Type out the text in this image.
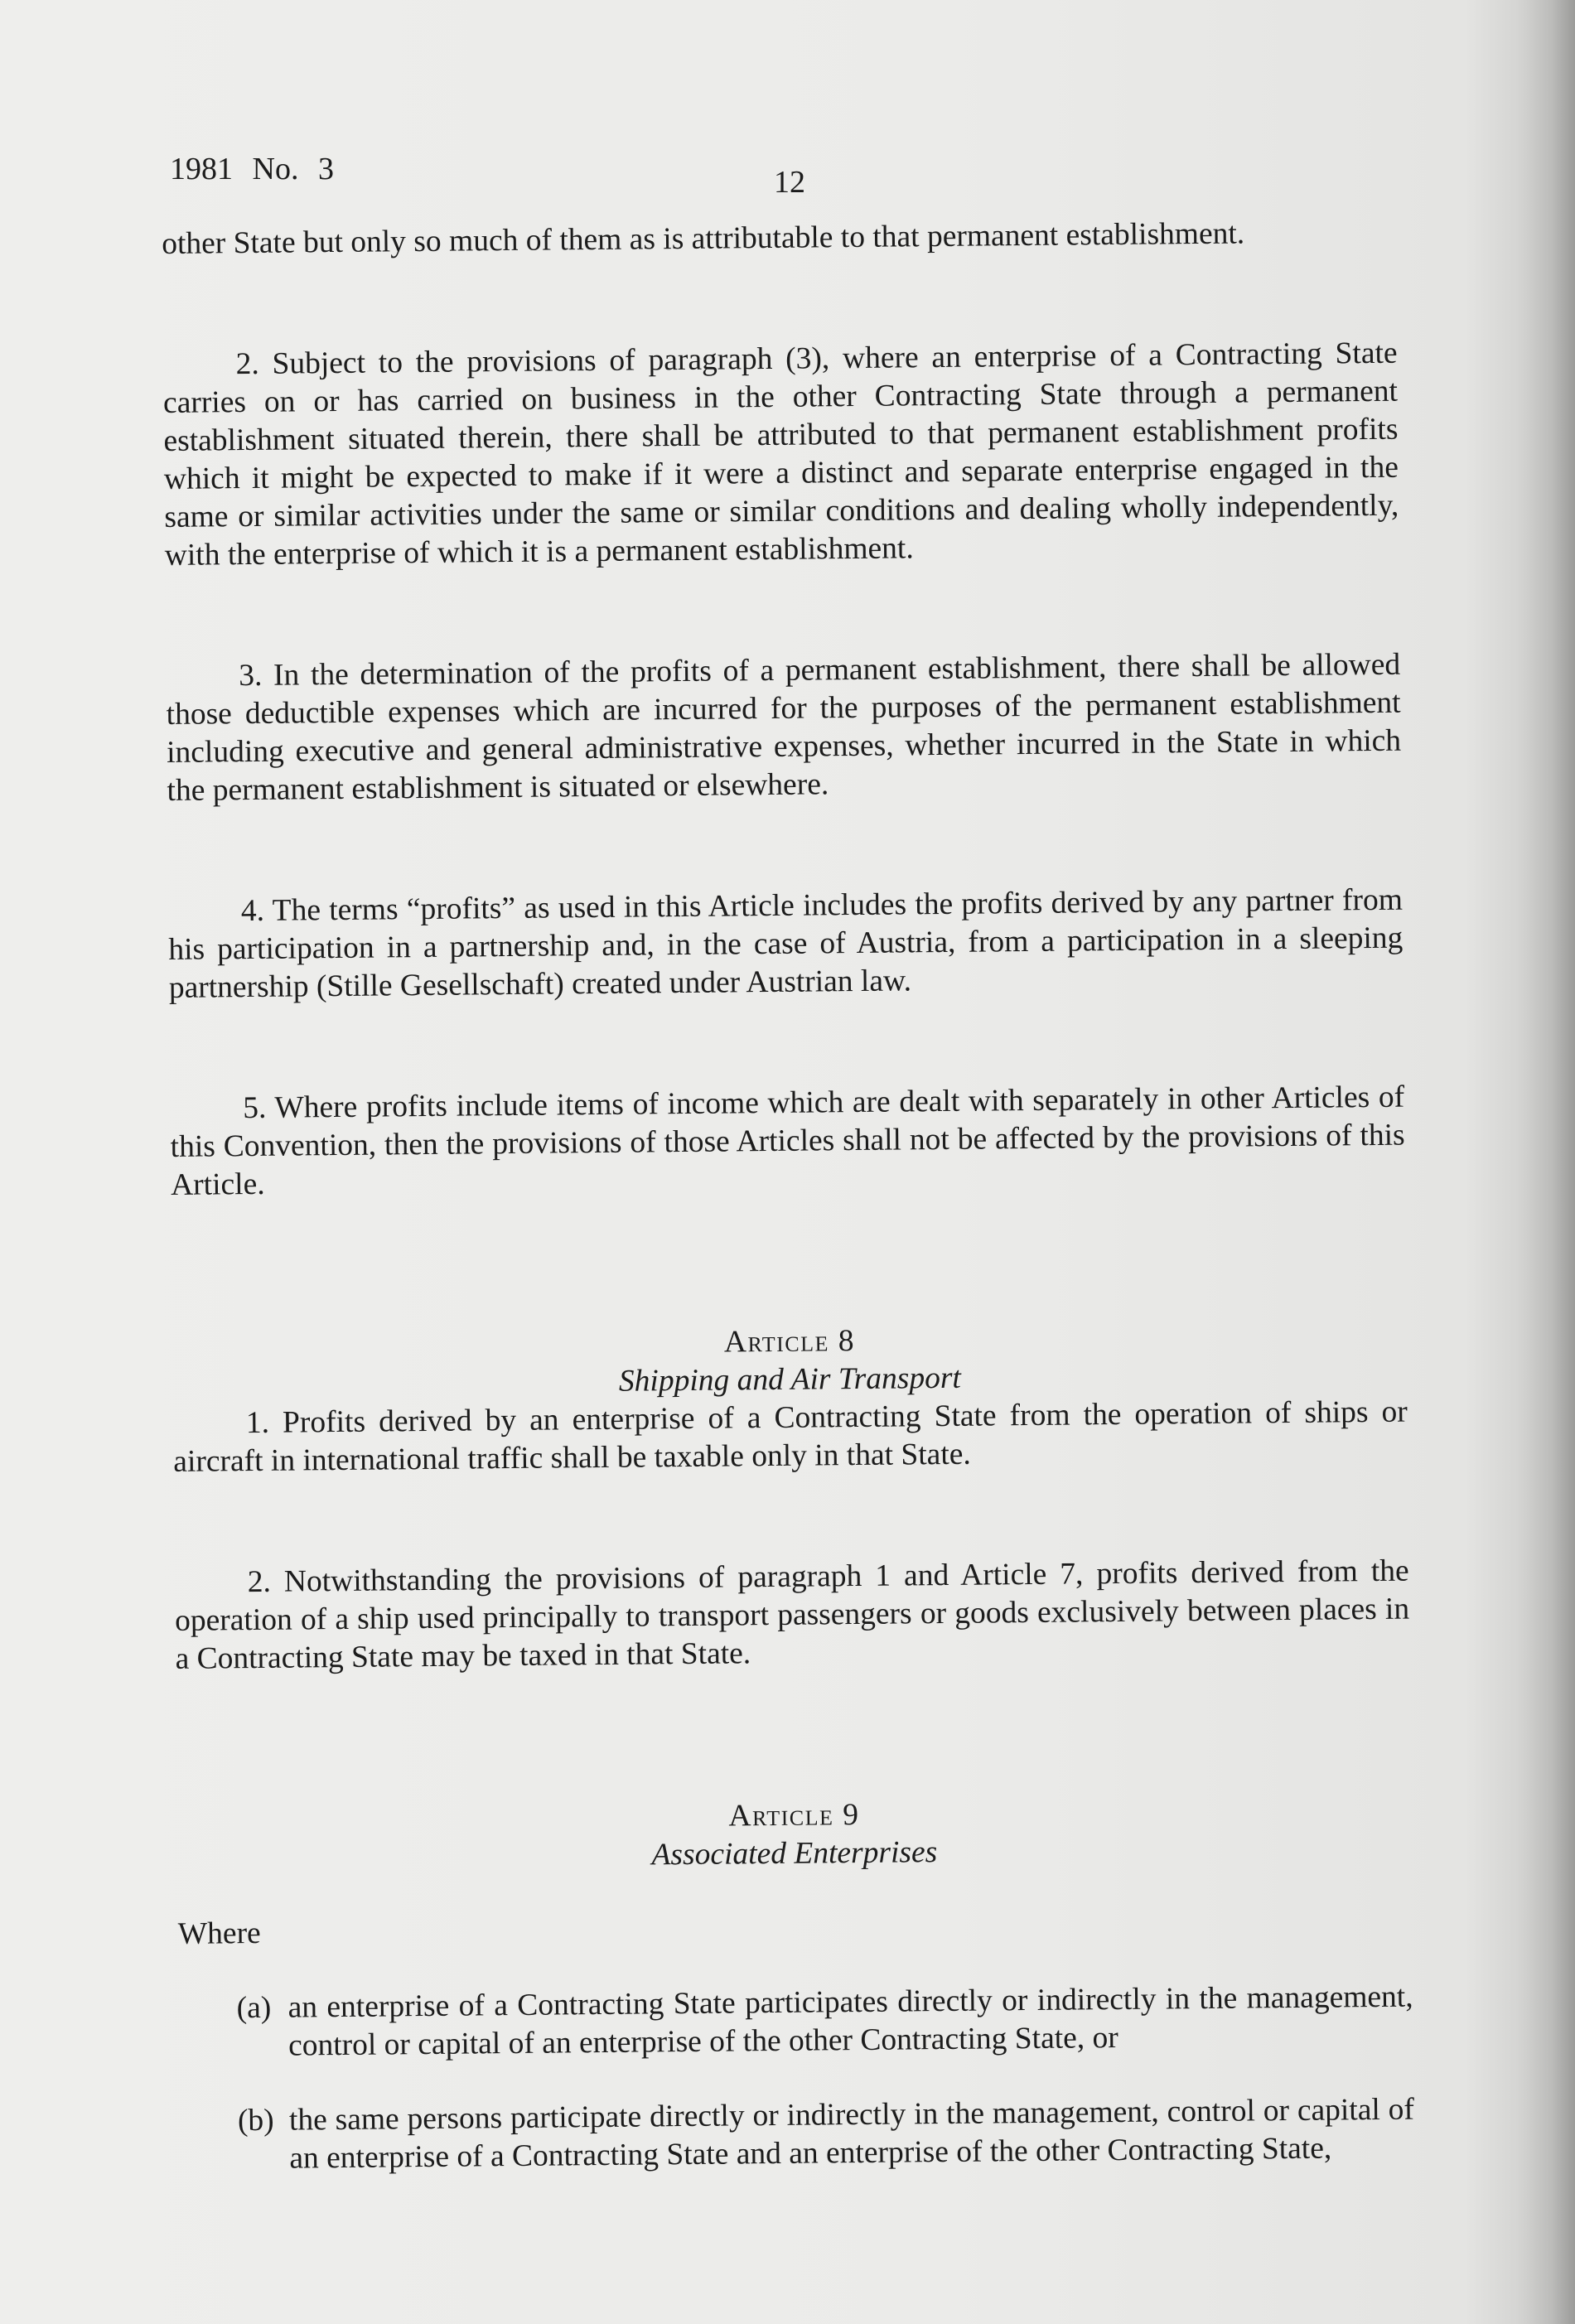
1981 No. 3	12

other State but only so much of them as is attributable to that permanent establishment.

2. Subject to the provisions of paragraph (3), where an enterprise of a Contracting State carries on or has carried on business in the other Contracting State through a permanent establishment situated therein, there shall be attributed to that permanent establishment profits which it might be expected to make if it were a distinct and separate enterprise engaged in the same or similar activities under the same or similar conditions and dealing wholly independently, with the enterprise of which it is a permanent establishment.

3. In the determination of the profits of a permanent establishment, there shall be allowed those deductible expenses which are incurred for the purposes of the permanent establishment including executive and general administrative expenses, whether incurred in the State in which the permanent establishment is situated or elsewhere.

4. The terms “profits” as used in this Article includes the profits derived by any partner from his participation in a partnership and, in the case of Austria, from a participation in a sleeping partnership (Stille Gesellschaft) created under Austrian law.

5. Where profits include items of income which are dealt with separately in other Articles of this Convention, then the provisions of those Articles shall not be affected by the provisions of this Article.

Article 8

Shipping and Air Transport

1. Profits derived by an enterprise of a Contracting State from the operation of ships or aircraft in international traffic shall be taxable only in that State.

2. Notwithstanding the provisions of paragraph 1 and Article 7, profits derived from the operation of a ship used principally to transport passengers or goods exclusively between places in a Contracting State may be taxed in that State.

Article 9

Associated Enterprises

Where

(a) an enterprise of a Contracting State participates directly or indirectly in the management, control or capital of an enterprise of the other Contracting State, or
(b) the same persons participate directly or indirectly in the management, control or capital of an enterprise of a Contracting State and an enterprise of the other Contracting State,
